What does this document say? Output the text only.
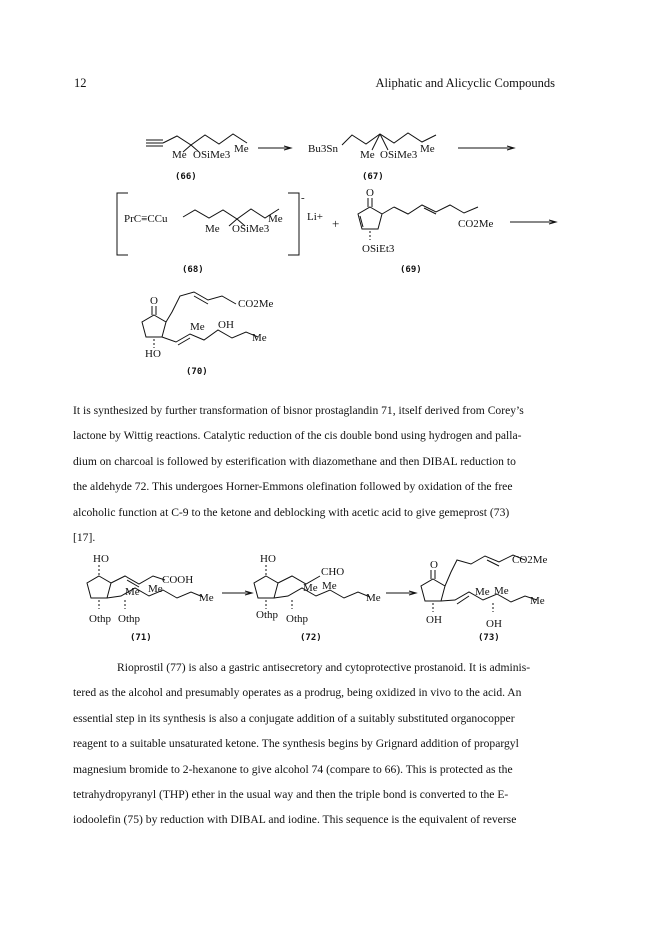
12	Aliphatic and Alicyclic Compounds
Me OSiMe3 Me
(66)
Bu3Sn Me OSiMe3 Me
(67)
-
Li+
PrC≡CCu	Me
Me OSiMe3
(68)
+
O
CO2Me
OSiEt3
(69)
O	CO2Me
Me OH
Me
HO
(70)
It is synthesized by further transformation of bisnor prostaglandin 71, itself derived from Corey’s
lactone by Wittig reactions. Catalytic reduction of the cis double bond using hydrogen and palla-
dium on charcoal is followed by esterification with diazomethane and then DIBAL reduction to
the aldehyde 72. This undergoes Horner-Emmons olefination followed by oxidation of the free
alcoholic function at C-9 to the ketone and deblocking with acetic acid to give gemeprost (73)
[17].
HO
COOH
Me Me
Me
Othp Othp
(71)
HO
CHO
Me Me
Me
Othp Othp
(72)
O	CO2Me
Me Me
Me
OH	OH
(73)
Rioprostil (77) is also a gastric antisecretory and cytoprotective prostanoid. It is adminis-
tered as the alcohol and presumably operates as a prodrug, being oxidized in vivo to the acid. An
essential step in its synthesis is also a conjugate addition of a suitably substituted organocopper
reagent to a suitable unsaturated ketone. The synthesis begins by Grignard addition of propargyl
magnesium bromide to 2-hexanone to give alcohol 74 (compare to 66). This is protected as the
tetrahydropyranyl (THP) ether in the usual way and then the triple bond is converted to the E-
iodoolefin (75) by reduction with DIBAL and iodine. This sequence is the equivalent of reverse
